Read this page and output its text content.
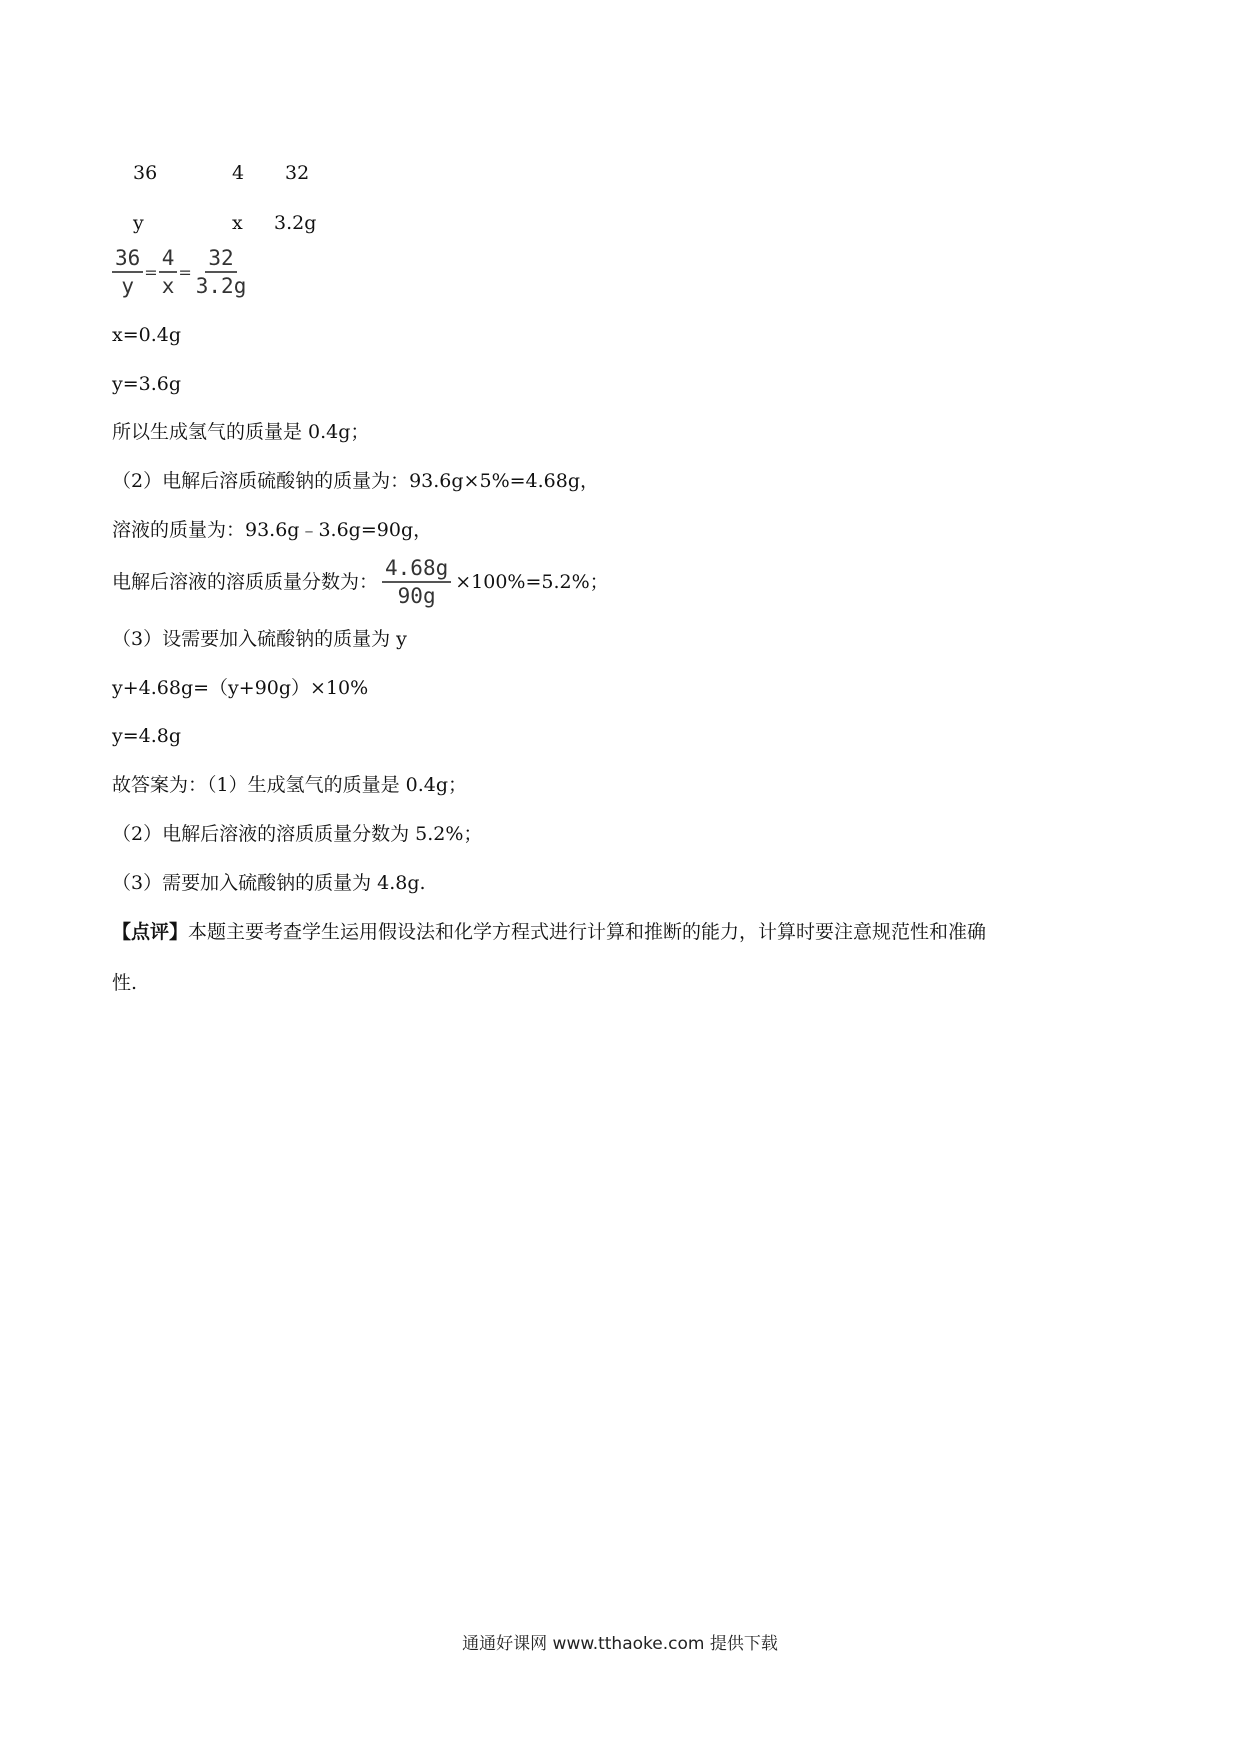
36	4 32
y	x 3.2g
$\frac{36}{y} = \frac{4}{x} = \frac{32}{3.2g}$
x=0.4g
y=3.6g
所以生成氢气的质量是 0.4g；
（2）电解后溶质硫酸钠的质量为：93.6g×5%=4.68g，
溶液的质量为：93.6g﹣3.6g=90g，
电解后溶液的溶质质量分数为： $\frac{4.68g}{90g} \times 100\%=5.2\%$；
（3）设需要加入硫酸钠的质量为 y
y+4.68g=（y+90g）×10%
y=4.8g
故答案为：（1）生成氢气的质量是 0.4g；
（2）电解后溶液的溶质质量分数为 5.2%；
（3）需要加入硫酸钠的质量为 4.8g.
【点评】本题主要考查学生运用假设法和化学方程式进行计算和推断的能力，计算时要注意规范性和准确
性.
通通好课网 www.tthaoke.com 提供下载
